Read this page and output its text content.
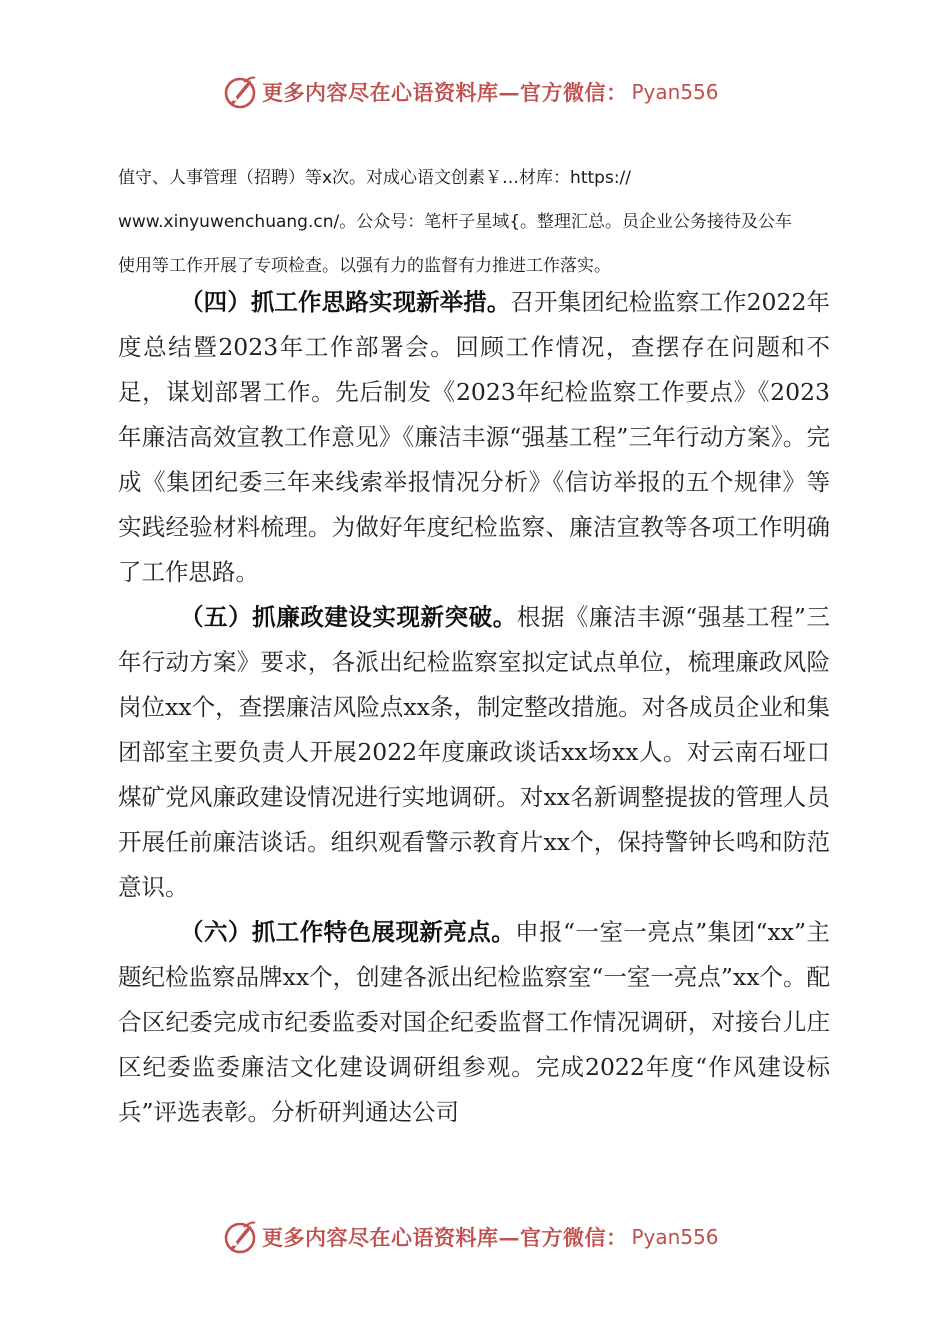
更多内容尽在心语资料库—官方微信： Pyan556
值守、人事管理（招聘）等x次。对成心语文创素￥…材库：https://
www.xinyuwenchuang.cn/。公众号：笔杆子星域{。整理汇总。员企业公务接待及公车
使用等工作开展了专项检查。以强有力的监督有力推进工作落实。

（四）抓工作思路实现新举措。召开集团纪检监察工作2022年度总结暨2023年工作部署会。回顾工作情况，查摆存在问题和不足，谋划部署工作。先后制发《2023年纪检监察工作要点》《2023年廉洁高效宣教工作意见》《廉洁丰源“强基工程”三年行动方案》。完成《集团纪委三年来线索举报情况分析》《信访举报的五个规律》等实践经验材料梳理。为做好年度纪检监察、廉洁宣教等各项工作明确了工作思路。

（五）抓廉政建设实现新突破。根据《廉洁丰源“强基工程”三年行动方案》要求，各派出纪检监察室拟定试点单位，梳理廉政风险岗位xx个，查摆廉洁风险点xx条，制定整改措施。对各成员企业和集团部室主要负责人开展2022年度廉政谈话xx场xx人。对云南石垭口煤矿党风廉政建设情况进行实地调研。对xx名新调整提拔的管理人员开展任前廉洁谈话。组织观看警示教育片xx个，保持警钟长鸣和防范意识。

（六）抓工作特色展现新亮点。申报“一室一亮点”集团“xx”主题纪检监察品牌xx个，创建各派出纪检监察室“一室一亮点”xx个。配合区纪委完成市纪委监委对国企纪委监督工作情况调研，对接台儿庄区纪委监委廉洁文化建设调研组参观。完成2022年度“作风建设标兵”评选表彰。分析研判通达公司

更多内容尽在心语资料库—官方微信： Pyan556
